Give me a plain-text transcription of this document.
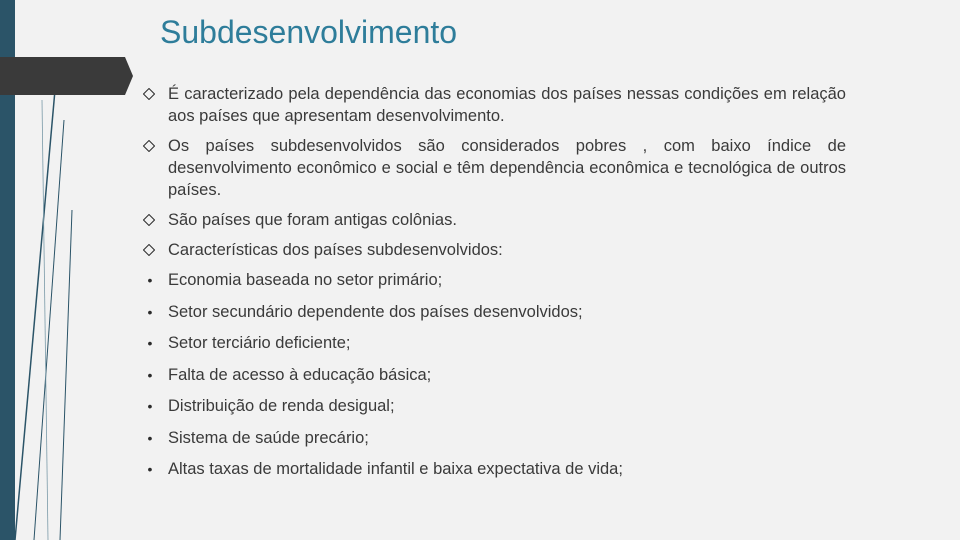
Subdesenvolvimento
É caracterizado pela dependência das economias dos países nessas condições em relação aos países que apresentam desenvolvimento.
Os países subdesenvolvidos são considerados pobres , com baixo índice de desenvolvimento econômico e social e têm dependência econômica e tecnológica de outros países.
São países que foram antigas colônias.
Características dos países subdesenvolvidos:
• Economia baseada no setor primário;
• Setor secundário dependente dos países desenvolvidos;
• Setor terciário deficiente;
• Falta de acesso à educação básica;
• Distribuição de renda desigual;
• Sistema de saúde precário;
• Altas taxas de mortalidade infantil e baixa expectativa de vida;
